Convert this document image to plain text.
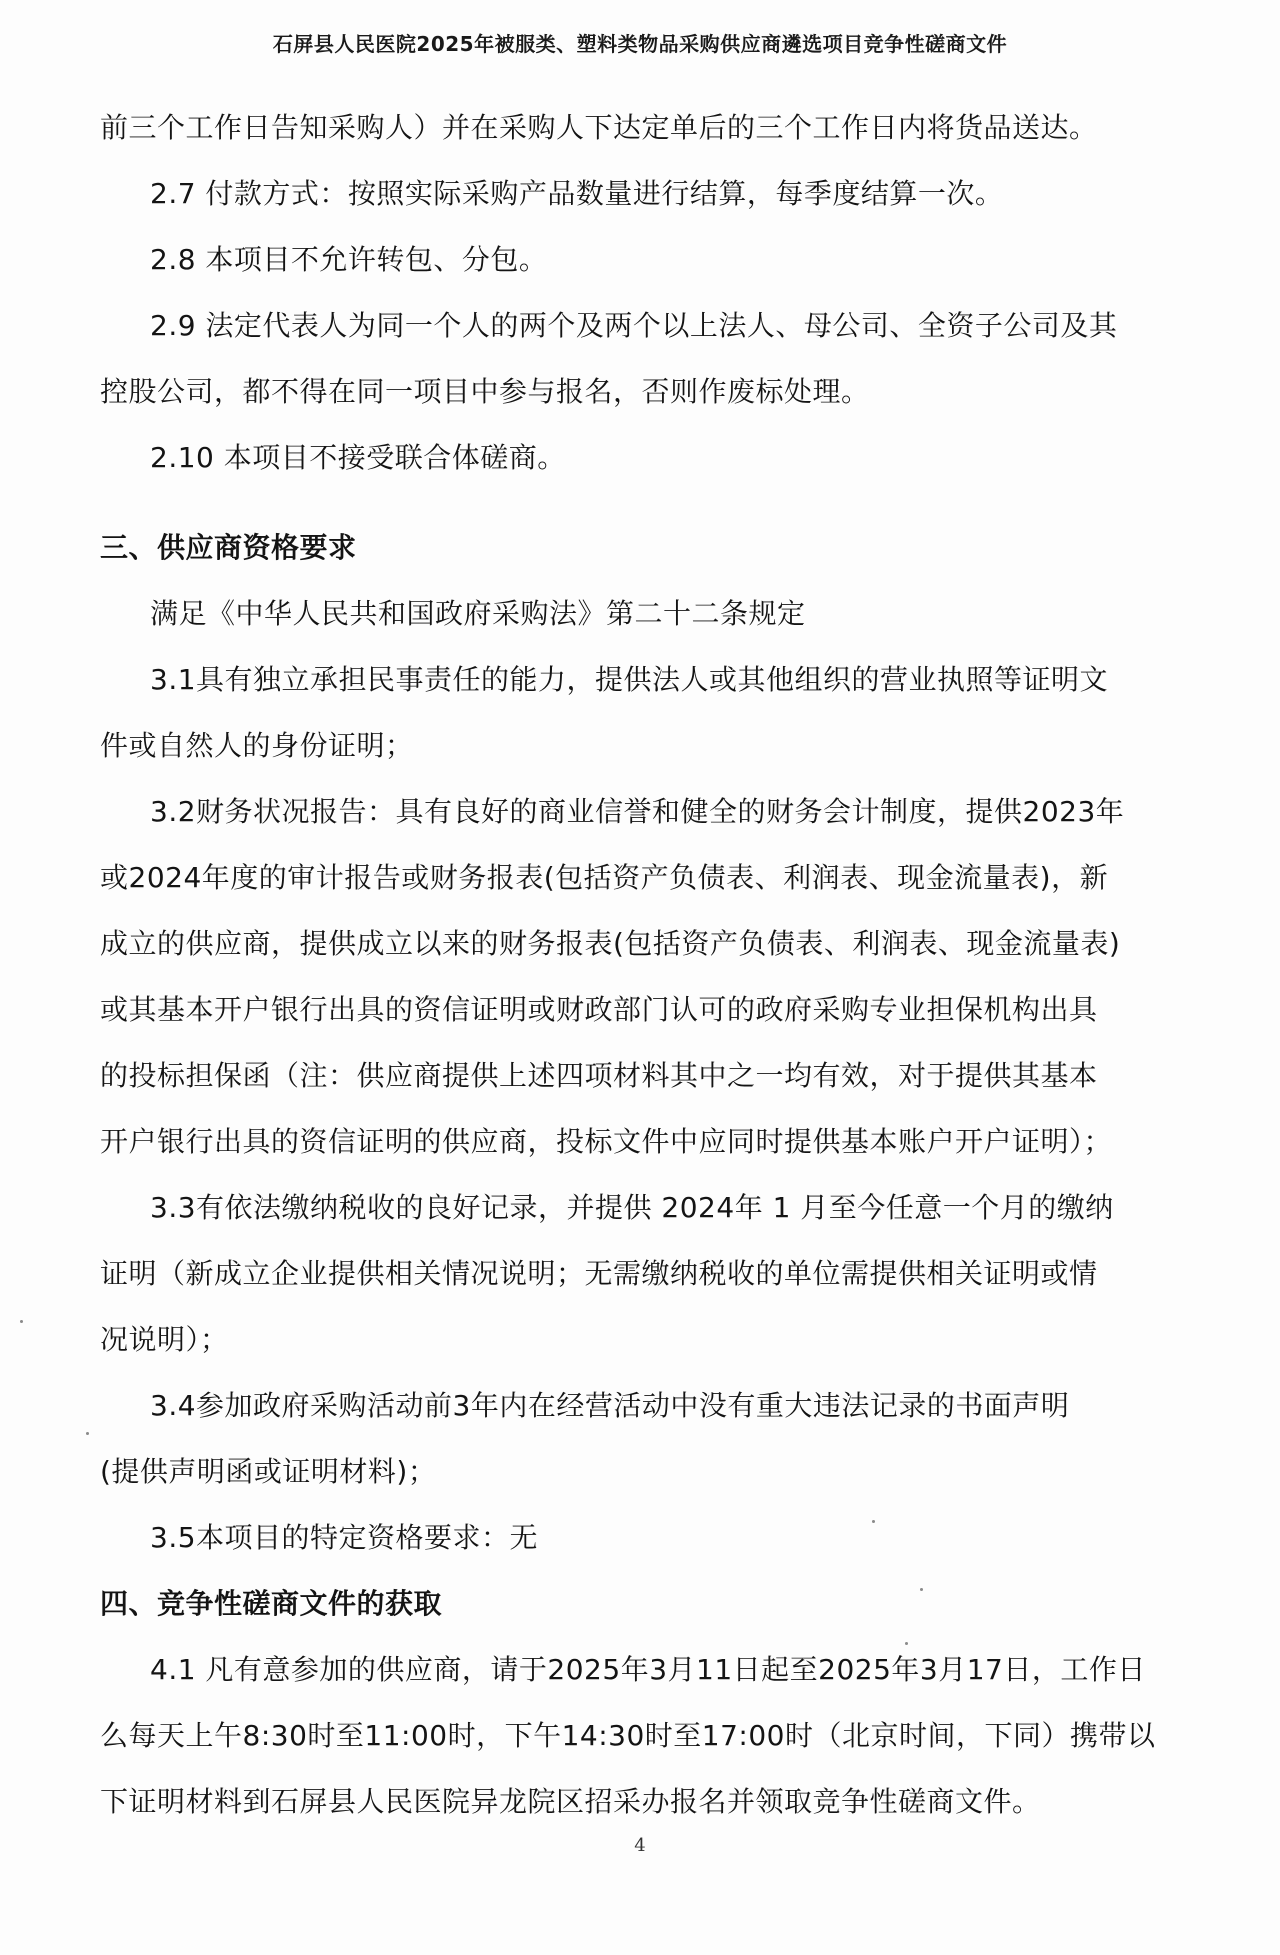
石屏县人民医院2025年被服类、塑料类物品采购供应商遴选项目竞争性磋商文件
前三个工作日告知采购人）并在采购人下达定单后的三个工作日内将货品送达。
2.7 付款方式：按照实际采购产品数量进行结算，每季度结算一次。
2.8 本项目不允许转包、分包。
2.9 法定代表人为同一个人的两个及两个以上法人、母公司、全资子公司及其
控股公司，都不得在同一项目中参与报名，否则作废标处理。
2.10 本项目不接受联合体磋商。
三、供应商资格要求
满足《中华人民共和国政府采购法》第二十二条规定
3.1具有独立承担民事责任的能力，提供法人或其他组织的营业执照等证明文
件或自然人的身份证明；
3.2财务状况报告：具有良好的商业信誉和健全的财务会计制度，提供2023年
或2024年度的审计报告或财务报表(包括资产负债表、利润表、现金流量表)，新
成立的供应商，提供成立以来的财务报表(包括资产负债表、利润表、现金流量表)
或其基本开户银行出具的资信证明或财政部门认可的政府采购专业担保机构出具
的投标担保函（注：供应商提供上述四项材料其中之一均有效，对于提供其基本
开户银行出具的资信证明的供应商，投标文件中应同时提供基本账户开户证明）；
3.3有依法缴纳税收的良好记录，并提供 2024年 1 月至今任意一个月的缴纳
证明（新成立企业提供相关情况说明；无需缴纳税收的单位需提供相关证明或情
况说明）；
3.4参加政府采购活动前3年内在经营活动中没有重大违法记录的书面声明
(提供声明函或证明材料)；
3.5本项目的特定资格要求：无
四、竞争性磋商文件的获取
4.1 凡有意参加的供应商，请于2025年3月11日起至2025年3月17日，工作日
么每天上午8:30时至11:00时，下午14:30时至17:00时（北京时间，下同）携带以
下证明材料到石屏县人民医院异龙院区招采办报名并领取竞争性磋商文件。
4
